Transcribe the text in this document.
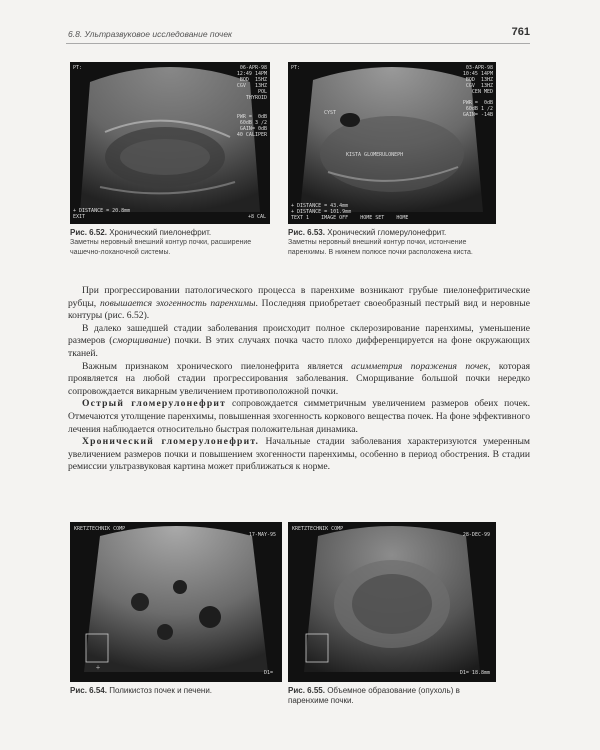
6.8. Ультразвуковое исследование почек	761
PT:	06-APR-98
12:49 14PM
BOD  15HZ
CGV   13HZ
POL
THYROID
PWR =  0dB
60dB 3 /2
GAIN= 0dB
40 CALIPER
+ DISTANCE = 20.8mm
EXIT	+8 CAL
Рис. 6.52. Хронический пиелонефрит.
Заметны неровный внешний контур почки, расширение чашечно-лоханочной системы.
PT:	03-APR-98
10:45 14PM
BOD  13HZ
CGV  13HZ
CEN MED
PWR =  0dB
60dB 1 /2
GAIN= -14B
CYST
KISTA GLOMERULONEPH
+ DISTANCE = 43.4mm
+ DISTANCE = 101.9mm
TEXT 1    IMAGE OFF    HOME SET    HOME
Рис. 6.53. Хронический гломерулонефрит.
Заметны неровный внешний контур почки, истончение паренхимы. В нижнем полюсе почки расположена киста.

При прогрессировании патологического процесса в паренхиме возникают грубые пиелонефритические рубцы, повышается эхогенность паренхимы. Последняя приобретает своеобразный пестрый вид и неровные контуры (рис. 6.52).

В далеко зашедшей стадии заболевания происходит полное склерозирование паренхимы, уменьшение размеров (сморщивание) почки. В этих случаях почка часто плохо дифференцируется на фоне окружающих тканей.

Важным признаком хронического пиелонефрита является асимметрия поражения почек, которая проявляется на любой стадии прогрессирования заболевания. Сморщивание большой почки нередко сопровождается викарным увеличением противоположной почки.

Острый гломерулонефрит сопровождается симметричным увеличением размеров обеих почек. Отмечаются утолщение паренхимы, повышенная эхогенность коркового вещества почек. На фоне эффективного лечения наблюдается относительно быстрая положительная динамика.

Хронический гломерулонефрит. Начальные стадии заболевания характеризуются умеренным увеличением размеров почки и повышением эхогенности паренхимы, особенно в период обострения. В стадии ремиссии ультразвуковая картина может приближаться к норме.

+
KRETZTECHNIK COMP
17-MAY-95
D1=
Рис. 6.54. Поликистоз почек и печени.
KRETZTECHNIK COMP
28-DEC-99
D1= 18.8mm
Рис. 6.55. Объемное образование (опухоль) в паренхиме почки.
